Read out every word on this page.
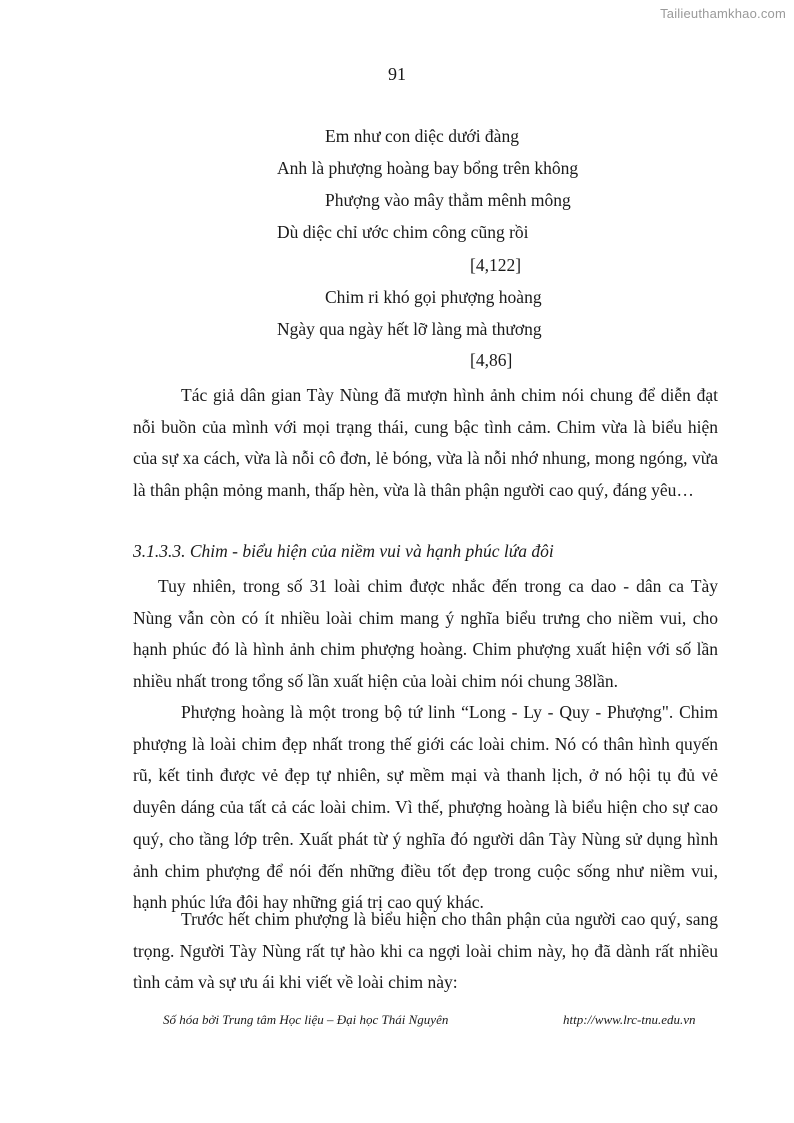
Tailieuthamkhao.com
91
Em như con diệc dưới đàng
Anh là phượng hoàng bay bổng trên không
Phượng vào mây thẳm mênh mông
Dù diệc chỉ ước chim công cũng rồi
[4,122]
Chim ri khó gọi phượng hoàng
Ngày qua ngày hết lỡ làng mà thương
[4,86]

Tác giả dân gian Tày Nùng đã mượn hình ảnh chim nói chung để diễn đạt nỗi buồn của mình với mọi trạng thái, cung bậc tình cảm. Chim vừa là biểu hiện của sự xa cách, vừa là nỗi cô đơn, lẻ bóng, vừa là nỗi nhớ nhung, mong ngóng, vừa là thân phận mỏng manh, thấp hèn, vừa là thân phận người cao quý, đáng yêu…

3.1.3.3. Chim - biểu hiện của niềm vui và hạnh phúc lứa đôi

Tuy nhiên, trong số 31 loài chim được nhắc đến trong ca dao - dân ca Tày Nùng vẫn còn có ít nhiều loài chim mang ý nghĩa biểu trưng cho niềm vui, cho hạnh phúc đó là hình ảnh chim phượng hoàng. Chim phượng xuất hiện với số lần nhiều nhất trong tổng số lần xuất hiện của loài chim nói chung 38lần.

Phượng hoàng là một trong bộ tứ linh “Long - Ly - Quy - Phượng". Chim phượng là loài chim đẹp nhất trong thế giới các loài chim. Nó có thân hình quyến rũ, kết tinh được vẻ đẹp tự nhiên, sự mềm mại và thanh lịch, ở nó hội tụ đủ vẻ duyên dáng của tất cả các loài chim. Vì thế, phượng hoàng là biểu hiện cho sự cao quý, cho tầng lớp trên. Xuất phát từ ý nghĩa đó người dân Tày Nùng sử dụng hình ảnh chim phượng để nói đến những điều tốt đẹp trong cuộc sống như niềm vui, hạnh phúc lứa đôi hay những giá trị cao quý khác.

Trước hết chim phượng là biểu hiện cho thân phận của người cao quý, sang trọng. Người Tày Nùng rất tự hào khi ca ngợi loài chim này, họ đã dành rất nhiều tình cảm và sự ưu ái khi viết về loài chim này:

Số hóa bởi Trung tâm Học liệu – Đại học Thái Nguyên	http://www.lrc-tnu.edu.vn
